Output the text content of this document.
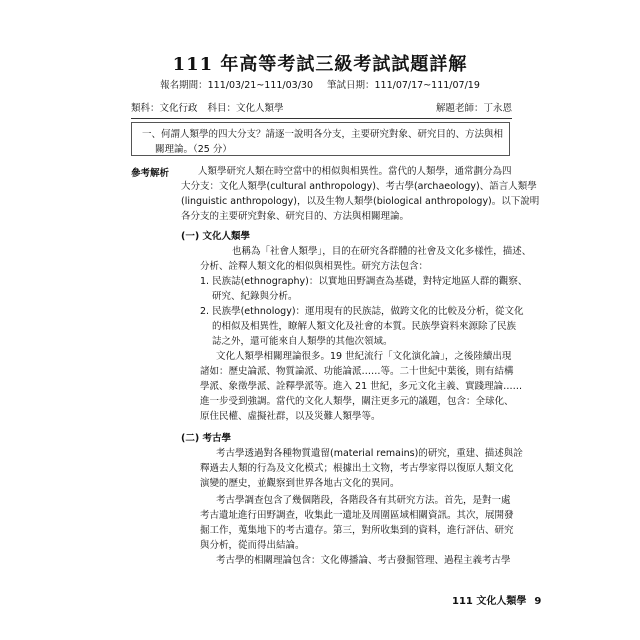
111 年高等考試三級考試試題詳解
報名期間：111/03/21~111/03/30 筆試日期：111/07/17~111/07/19
類科：文化行政 科目：文化人類學	解題老師：丁永恩
一、何謂人類學的四大分支？請逐一說明各分支，主要研究對象、研究目的、方法與相
關理論。（25 分）
參考解析	人類學研究人類在時空當中的相似與相異性。當代的人類學，通常劃分為四
大分支：文化人類學(cultural anthropology)、考古學(archaeology)、語言人類學
(linguistic anthropology)，以及生物人類學(biological anthropology)。以下說明
各分支的主要研究對象、研究目的、方法與相關理論。
(一) 文化人類學
也稱為「社會人類學」，目的在研究各群體的社會及文化多樣性，描述、
分析、詮釋人類文化的相似與相異性。研究方法包含：
1. 民族誌(ethnography)：以實地田野調查為基礎，對特定地區人群的觀察、
研究、紀錄與分析。
2. 民族學(ethnology)：運用現有的民族誌，做跨文化的比較及分析，從文化
的相似及相異性，瞭解人類文化及社會的本質。民族學資料來源除了民族
誌之外，還可能來自人類學的其他次領域。
文化人類學相關理論很多。19 世紀流行「文化演化論」，之後陸續出現
諸如：歷史論派、物質論派、功能論派……等。二十世紀中葉後，則有結構
學派、象徵學派、詮釋學派等。進入 21 世紀，多元文化主義、實踐理論……
進一步受到強調。當代的文化人類學，關注更多元的議題，包含：全球化、
原住民權、虛擬社群，以及災難人類學等。
(二) 考古學
考古學透過對各種物質遺留(material remains)的研究，重建、描述與詮
釋過去人類的行為及文化模式；根據出土文物，考古學家得以復原人類文化
演變的歷史，並觀察到世界各地古文化的異同。
考古學調查包含了幾個階段，各階段各有其研究方法。首先，是對一處
考古遺址進行田野調查，收集此一遺址及周圍區域相關資訊。其次，展開發
掘工作，蒐集地下的考古遺存。第三，對所收集到的資料，進行評估、研究
與分析，從而得出結論。
考古學的相關理論包含：文化傳播論、考古發掘管理、過程主義考古學
111 文化人類學 9
